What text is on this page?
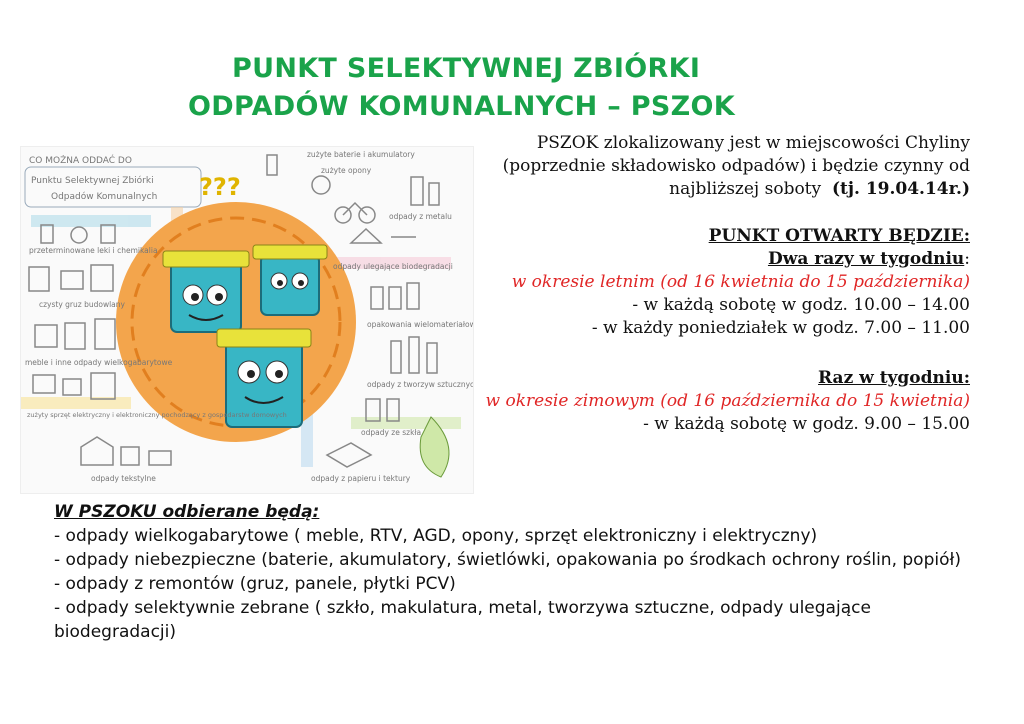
PUNKT SELEKTYWNEJ ZBIÓRKI
ODPADÓW KOMUNALNYCH – PSZOK
PSZOK zlokalizowany jest w miejscowości Chyliny
(poprzednie składowisko odpadów) i będzie czynny od
najbliższej soboty (tj. 19.04.14r.)
PUNKT OTWARTY BĘDZIE:
Dwa razy w tygodniu:
w okresie letnim (od 16 kwietnia do 15 października)
- w każdą sobotę w godz. 10.00 – 14.00
- w każdy poniedziałek w godz. 7.00 – 11.00
Raz w tygodniu:
w okresie zimowym (od 16 października do 15 kwietnia)
- w każdą sobotę w godz. 9.00 – 15.00
CO MOŻNA ODDAĆ DO
Punktu Selektywnej Zbiórki
Odpadów Komunalnych ???
zużyte baterie i akumulatory
zużyte opony
odpady z metalu
przeterminowane leki i chemikalia
odpady ulegające biodegradacji
czysty gruz budowlany
opakowania wielomateriałowe
meble i inne odpady wielkogabarytowe
odpady z tworzyw sztucznych
zużyty sprzęt elektryczny i elektroniczny pochodzący z gospodarstw domowych
odpady ze szkła
odpady z papieru i tektury
odpady tekstylne
W PSZOKU odbierane będą:
- odpady wielkogabarytowe ( meble, RTV, AGD, opony, sprzęt elektroniczny i elektryczny)
- odpady niebezpieczne (baterie, akumulatory, świetlówki, opakowania po środkach ochrony roślin, popiół)
- odpady z remontów (gruz, panele, płytki PCV)
- odpady selektywnie zebrane ( szkło, makulatura, metal, tworzywa sztuczne, odpady ulegające biodegradacji)
